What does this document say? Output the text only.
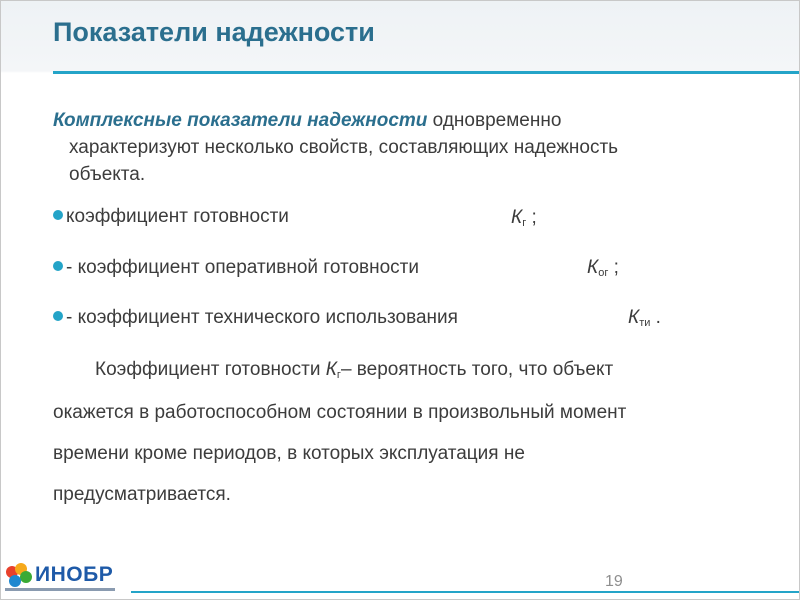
Показатели надежности
Комплексные показатели надежности одновременно
характеризуют несколько свойств, составляющих надежность
объекта.
коэффициент готовности	$К_г$ ;
- коэффициент оперативной готовности	$К_{ог}$ ;
- коэффициент технического использования	$К_{ти}$ .
Коэффициент готовности $К_г-$ вероятность того, что объект
окажется в работоспособном состоянии в произвольный момент
времени кроме периодов, в которых эксплуатация не
предусматривается.
ИНОБР	19
